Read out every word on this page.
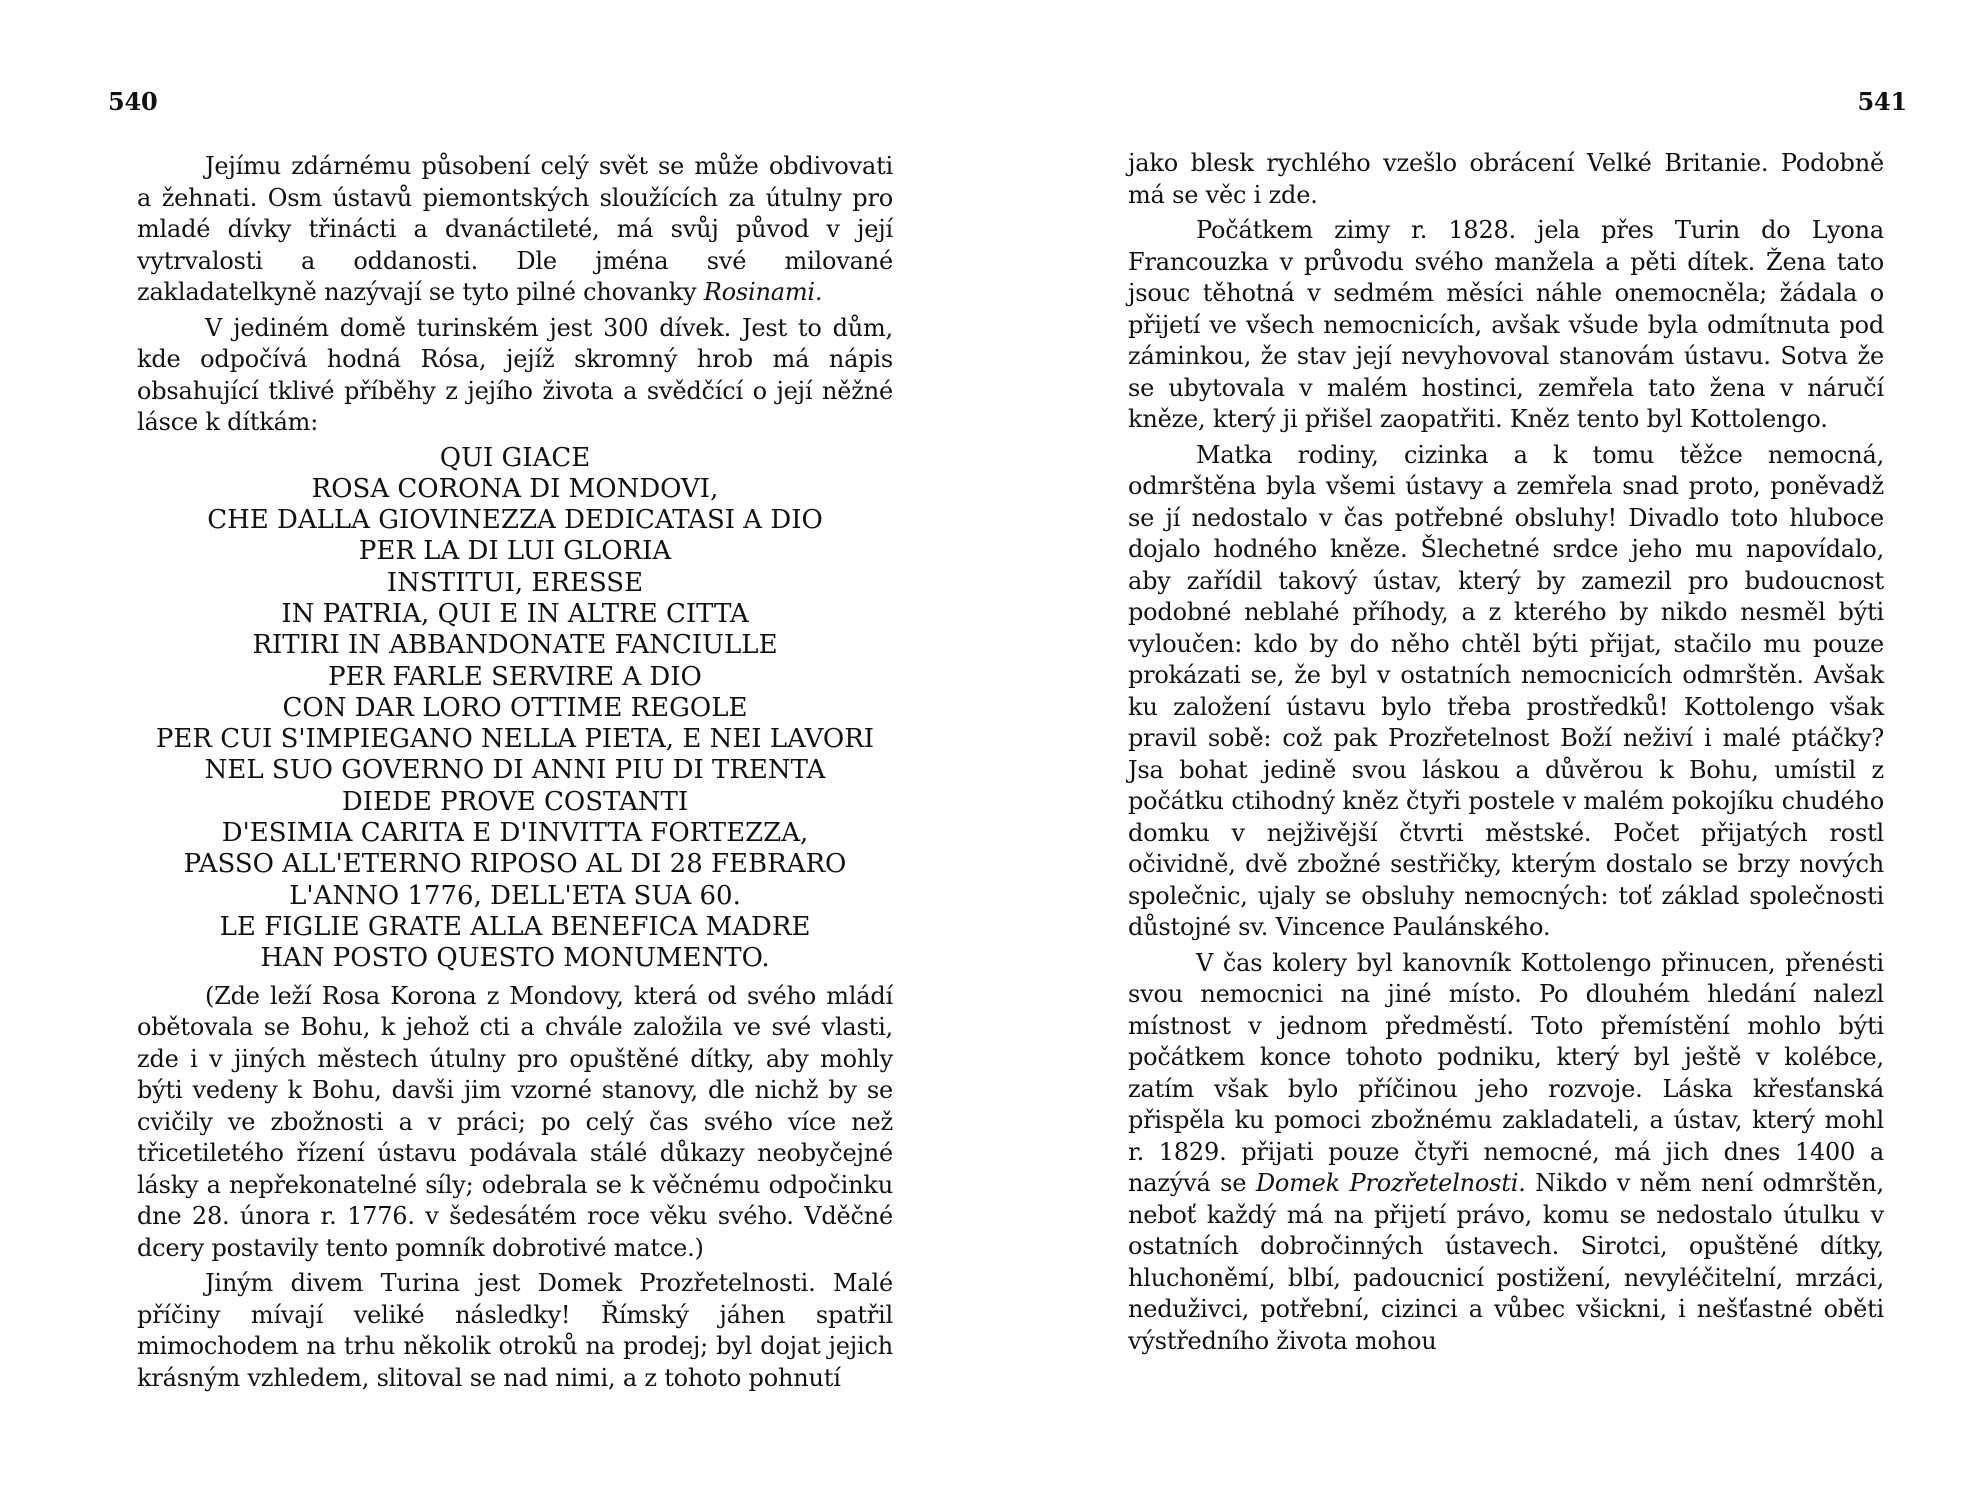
540

Jejímu zdárnému působení celý svět se může obdivovati a žehnati. Osm ústavů piemontských sloužících za útulny pro mladé dívky třinácti a dvanáctileté, má svůj původ v její vytrvalosti a oddanosti. Dle jména své milované zakladatelkyně nazývají se tyto pilné chovanky Rosinami.

V jediném domě turinském jest 300 dívek. Jest to dům, kde odpočívá hodná Rósa, jejíž skromný hrob má nápis obsahující tklivé příběhy z jejího života a svědčící o její něžné lásce k dítkám:

QUI GIACE
ROSA CORONA DI MONDOVI,
CHE DALLA GIOVINEZZA DEDICATASI A DIO
PER LA DI LUI GLORIA
INSTITUI, ERESSE
IN PATRIA, QUI E IN ALTRE CITTA
RITIRI IN ABBANDONATE FANCIULLE
PER FARLE SERVIRE A DIO
CON DAR LORO OTTIME REGOLE
PER CUI S'IMPIEGANO NELLA PIETA, E NEI LAVORI
NEL SUO GOVERNO DI ANNI PIU DI TRENTA
DIEDE PROVE COSTANTI
D'ESIMIA CARITA E D'INVITTA FORTEZZA,
PASSO ALL'ETERNO RIPOSO AL DI 28 FEBRARO
L'ANNO 1776, DELL'ETA SUA 60.
LE FIGLIE GRATE ALLA BENEFICA MADRE
HAN POSTO QUESTO MONUMENTO.

(Zde leží Rosa Korona z Mondovy, která od svého mládí obětovala se Bohu, k jehož cti a chvále založila ve své vlasti, zde i v jiných městech útulny pro opuštěné dítky, aby mohly býti vedeny k Bohu, davši jim vzorné stanovy, dle nichž by se cvičily ve zbožnosti a v práci; po celý čas svého více než třicetiletého řízení ústavu podávala stálé důkazy neobyčejné lásky a nepřekonatelné síly; odebrala se k věčnému odpočinku dne 28. února r. 1776. v šedesátém roce věku svého. Vděčné dcery postavily tento pomník dobrotivé matce.)

Jiným divem Turina jest Domek Prozřetelnosti. Malé příčiny mívají veliké následky! Římský jáhen spatřil mimochodem na trhu několik otroků na prodej; byl dojat jejich krásným vzhledem, slitoval se nad nimi, a z tohoto pohnutí

541

jako blesk rychlého vzešlo obrácení Velké Britanie. Podobně má se věc i zde.

Počátkem zimy r. 1828. jela přes Turin do Lyona Francouzka v průvodu svého manžela a pěti dítek. Žena tato jsouc těhotná v sedmém měsíci náhle onemocněla; žádala o přijetí ve všech nemocnicích, avšak všude byla odmítnuta pod záminkou, že stav její nevyhovoval stanovám ústavu. Sotva že se ubytovala v malém hostinci, zemřela tato žena v náručí kněze, který ji přišel zaopatřiti. Kněz tento byl Kottolengo.

Matka rodiny, cizinka a k tomu těžce nemocná, odmrštěna byla všemi ústavy a zemřela snad proto, poněvadž se jí nedostalo v čas potřebné obsluhy! Divadlo toto hluboce dojalo hodného kněze. Šlechetné srdce jeho mu napovídalo, aby zařídil takový ústav, který by zamezil pro budoucnost podobné neblahé příhody, a z kterého by nikdo nesměl býti vyloučen: kdo by do něho chtěl býti přijat, stačilo mu pouze prokázati se, že byl v ostatních nemocnicích odmrštěn. Avšak ku založení ústavu bylo třeba prostředků! Kottolengo však pravil sobě: což pak Prozřetelnost Boží neživí i malé ptáčky? Jsa bohat jedině svou láskou a důvěrou k Bohu, umístil z počátku ctihodný kněz čtyři postele v malém pokojíku chudého domku v nejživější čtvrti městské. Počet přijatých rostl očividně, dvě zbožné sestřičky, kterým dostalo se brzy nových společnic, ujaly se obsluhy nemocných: toť základ společnosti důstojné sv. Vincence Paulánského.

V čas kolery byl kanovník Kottolengo přinucen, přenésti svou nemocnici na jiné místo. Po dlouhém hledání nalezl místnost v jednom předměstí. Toto přemístění mohlo býti počátkem konce tohoto podniku, který byl ještě v kolébce, zatím však bylo příčinou jeho rozvoje. Láska křesťanská přispěla ku pomoci zbožnému zakladateli, a ústav, který mohl r. 1829. přijati pouze čtyři nemocné, má jich dnes 1400 a nazývá se Domek Prozřetelnosti. Nikdo v něm není odmrštěn, neboť každý má na přijetí právo, komu se nedostalo útulku v ostatních dobročinných ústavech. Sirotci, opuštěné dítky, hluchoněmí, blbí, padoucnicí postižení, nevyléčitelní, mrzáci, neduživci, potřební, cizinci a vůbec všickni, i nešťastné oběti výstředního života mohou
